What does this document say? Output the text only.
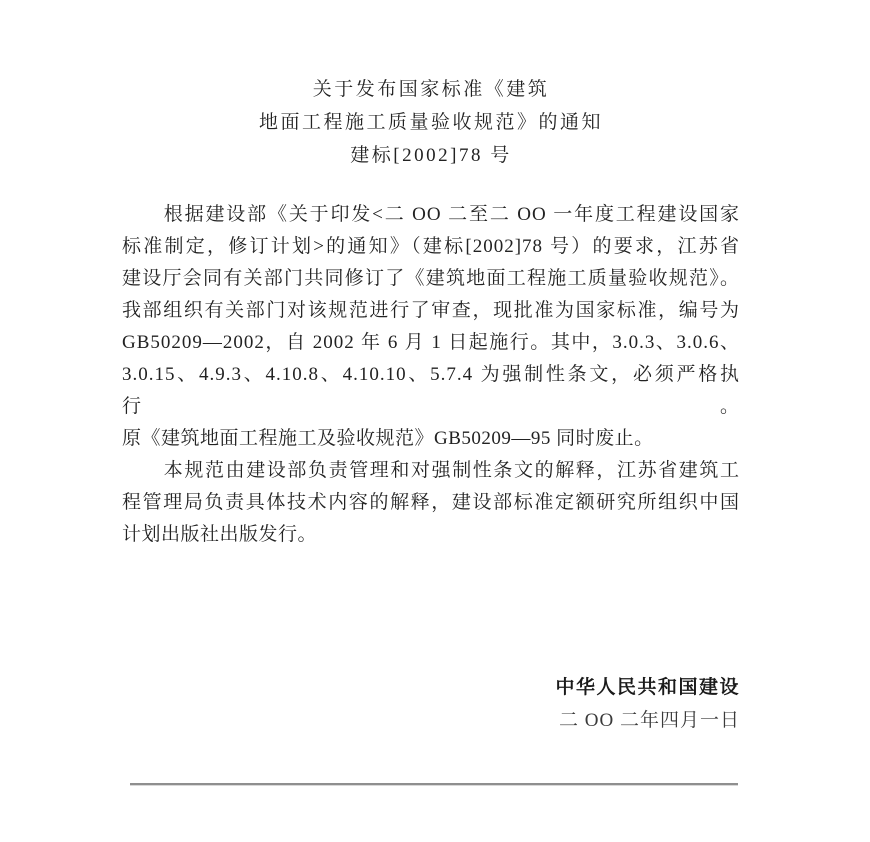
关于发布国家标准《建筑
地面工程施工质量验收规范》的通知
建标[2002]78 号
根据建设部《关于印发<二 OO 二至二 OO 一年度工程建设国家
标准制定，修订计划>的通知》（建标[2002]78 号）的要求，江苏省
建设厅会同有关部门共同修订了《建筑地面工程施工质量验收规范》。
我部组织有关部门对该规范进行了审查，现批准为国家标准，编号为
GB50209—2002，自 2002 年 6 月 1 日起施行。其中，3.0.3、3.0.6、
3.0.15、4.9.3、4.10.8、4.10.10、5.7.4 为强制性条文，必须严格执行。
原《建筑地面工程施工及验收规范》GB50209—95 同时废止。
本规范由建设部负责管理和对强制性条文的解释，江苏省建筑工
程管理局负责具体技术内容的解释，建设部标准定额研究所组织中国
计划出版社出版发行。
中华人民共和国建设
二 OO 二年四月一日
